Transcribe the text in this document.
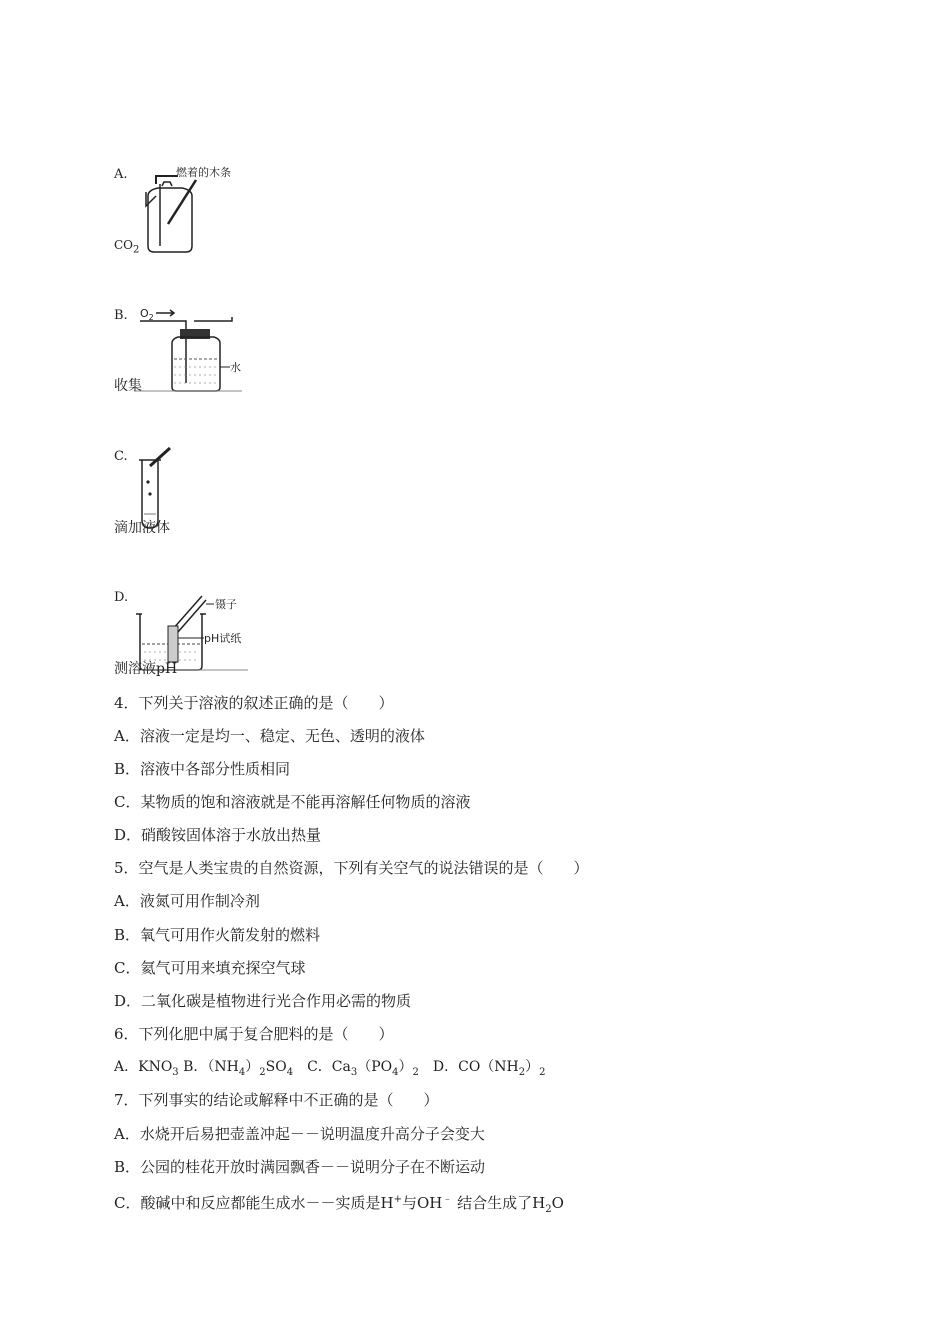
A.	燃着的木条
$CO_2$
B. $O_2$
水
收集
C.
滴加液体
D.	镊子
pH试纸
测溶液pH
4．下列关于溶液的叙述正确的是（　　）
A．溶液一定是均一、稳定、无色、透明的液体
B．溶液中各部分性质相同
C．某物质的饱和溶液就是不能再溶解任何物质的溶液
D．硝酸铵固体溶于水放出热量
5．空气是人类宝贵的自然资源，下列有关空气的说法错误的是（　　）
A．液氮可用作制冷剂
B．氧气可用作火箭发射的燃料
C．氦气可用来填充探空气球
D．二氧化碳是植物进行光合作用必需的物质
6．下列化肥中属于复合肥料的是（　　）
A．$KNO_3$ B．$(NH_4)_2SO_4$　C．$Ca_3(PO_4)_2$　D．$CO(NH_2)_2$
7．下列事实的结论或解释中不正确的是（　　）
A．水烧开后易把壶盖冲起－－说明温度升高分子会变大
B．公园的桂花开放时满园飘香－－说明分子在不断运动
C．酸碱中和反应都能生成水－－实质是H+与OH﹣ 结合生成了$H_2O$
